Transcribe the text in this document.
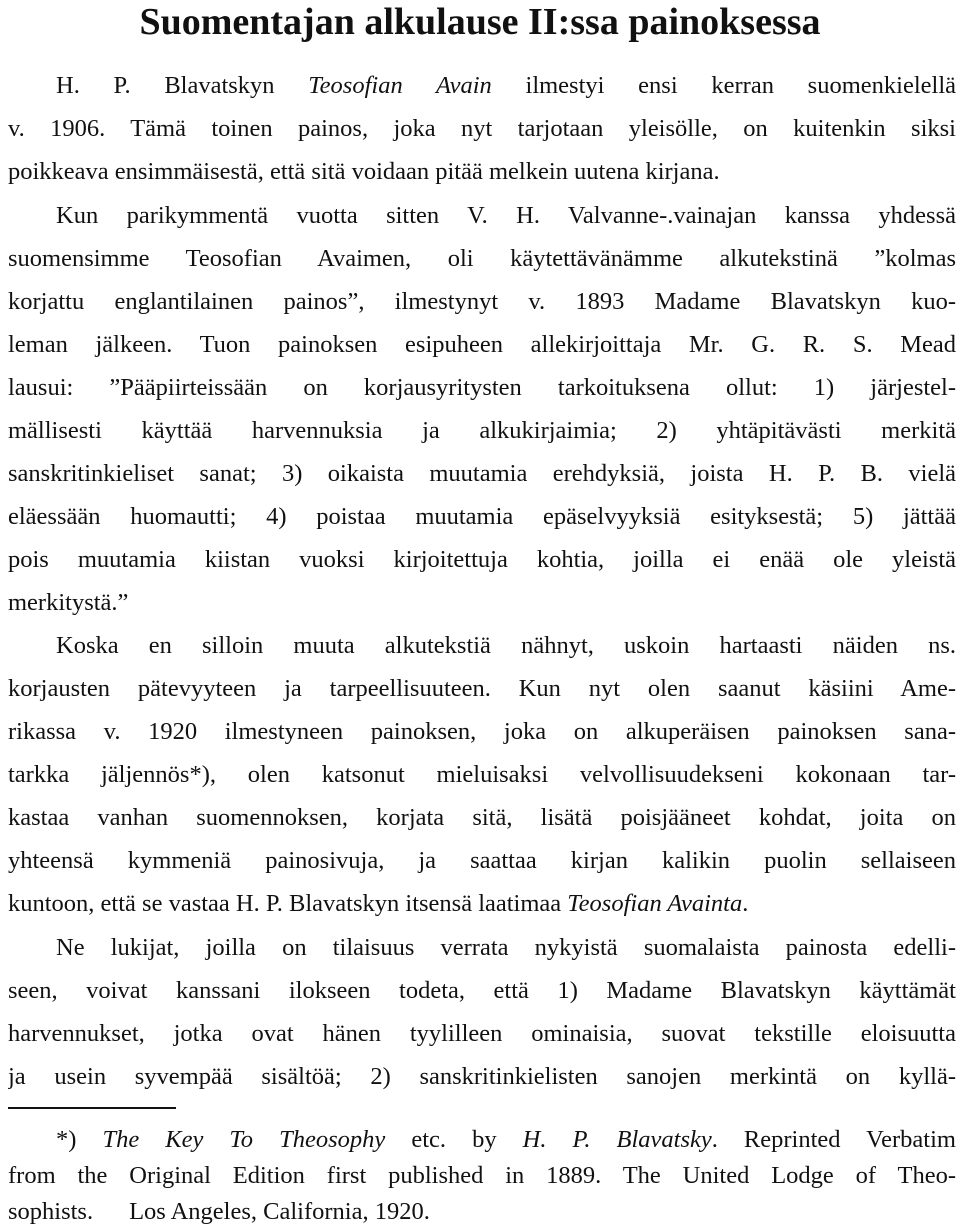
Suomentajan alkulause II:ssa painoksessa

H. P. Blavatskyn Teosofian Avain ilmestyi ensi kerran suomenkielellä

v. 1906. Tämä toinen painos, joka nyt tarjotaan yleisölle, on kuitenkin siksi

poikkeava ensimmäisestä, että sitä voidaan pitää melkein uutena kirjana.

Kun parikymmentä vuotta sitten V. H. Valvanne-.vainajan kanssa yhdessä

suomensimme Teosofian Avaimen, oli käytettävänämme alkutekstinä ”kolmas

korjattu englantilainen painos”, ilmestynyt v. 1893 Madame Blavatskyn kuo-

leman jälkeen. Tuon painoksen esipuheen allekirjoittaja Mr. G. R. S. Mead

lausui: ”Pääpiirteissään on korjausyritysten tarkoituksena ollut: 1) järjestel-

mällisesti käyttää harvennuksia ja alkukirjaimia; 2) yhtäpitävästi merkitä

sanskritinkieliset sanat; 3) oikaista muutamia erehdyksiä, joista H. P. B. vielä

eläessään huomautti; 4) poistaa muutamia epäselvyyksiä esityksestä; 5) jättää

pois muutamia kiistan vuoksi kirjoitettuja kohtia, joilla ei enää ole yleistä

merkitystä.”

Koska en silloin muuta alkutekstiä nähnyt, uskoin hartaasti näiden ns.

korjausten pätevyyteen ja tarpeellisuuteen. Kun nyt olen saanut käsiini Ame-

rikassa v. 1920 ilmestyneen painoksen, joka on alkuperäisen painoksen sana-

tarkka jäljennös*), olen katsonut mieluisaksi velvollisuudekseni kokonaan tar-

kastaa vanhan suomennoksen, korjata sitä, lisätä poisjääneet kohdat, joita on

yhteensä kymmeniä painosivuja, ja saattaa kirjan kalikin puolin sellaiseen

kuntoon, että se vastaa H. P. Blavatskyn itsensä laatimaa Teosofian Avainta.

Ne lukijat, joilla on tilaisuus verrata nykyistä suomalaista painosta edelli-

seen, voivat kanssani ilokseen todeta, että 1) Madame Blavatskyn käyttämät

harvennukset, jotka ovat hänen tyylilleen ominaisia, suovat tekstille eloisuutta

ja usein syvempää sisältöä; 2) sanskritinkielisten sanojen merkintä on kyllä-

*) The Key To Theosophy etc. by H. P. Blavatsky. Reprinted Verbatim

from the Original Edition first published in 1889. The United Lodge of Theo-

sophists. Los Angeles, California, 1920.
